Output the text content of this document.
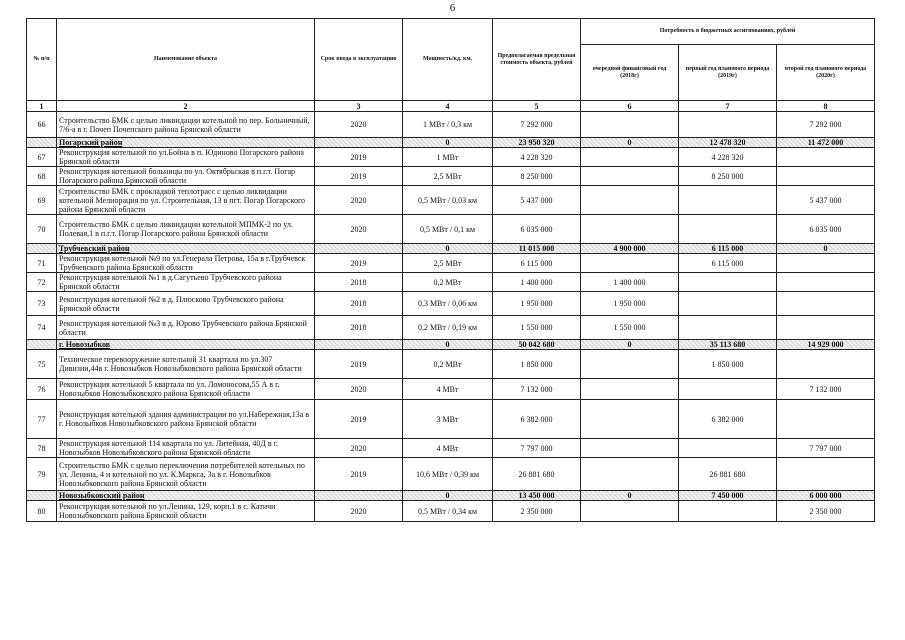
6
№ п/п	Наименование объекта	Срок ввода в эксплуатацию	Мощность/кд. км.	Предполагаемая предельная стоимость объекта, рублей	Потребность в бюджетных ассигнованиях, рублей		
					очередной финансовый год (2018г)	первый год планового периода (2019г)	второй год планового периода (2020г)
1	2	3	4	5	6	7	8
66	Строительство БМК с целью ликвидации котельной по пер. Больничный, 7/6-а в г. Почеп Почепского района Брянской области	2020	1 МВт / 0,3 км	7 292 000			7 292 000
	Погарский район		0	23 950 320	0	12 478 320	11 472 000
67	Реконструкция котельной по ул.Бойна в п. Юдиново Погарского района Брянской области	2019	1 МВт	4 228 320		4 228 320	
68	Реконструкция котельной больницы по ул. Октябрьская в п.г.т. Погар Погарского района Брянской области	2019	2,5 МВт	8 250 000		8 250 000	
69	Строительство БМК с прокладкой теплотрасс с целью ликвидации котельной Мелиорация по ул. Строительная, 13 в пгт. Погар Погарского района Брянской области	2020	0,5 МВт / 0,03 км	5 437 000			5 437 000
70	Строительство БМК с целью ликвидации котельной МПМК-2 по ул. Полевая,1 в п.г.т. Погар Погарского района Брянской области	2020	0,5 МВт / 0,1 км	6 035 000			6 035 000
	Трубчевский район		0	11 015 000	4 900 000	6 115 000	0
71	Реконструкция котельной №9 по ул.Генерала Петрова, 15а в г.Трубчевск Трубчевского района Брянской области	2019	2,5 МВт	6 115 000		6 115 000	
72	Реконструкция котельной №1 в д.Сагутьево Трубчевского района Брянской области	2018	0,2 МВт	1 400 000	1 400 000		
73	Реконструкция котельной №2 в д. Плюсково Трубчевского района Брянской области	2018	0,3 МВт / 0,06 км	1 950 000	1 950 000		
74	Реконструкция котельной №3 в д. Юрово Трубчевского района Брянской области	2018	0,2 МВт / 0,19 км	1 550 000	1 550 000		
	г. Новозыбков		0	50 042 680	0	35 113 680	14 929 000
75	Техническое перевооружение котельной 31 квартала по ул.307 Дивизии,44в г. Новозыбков Новозыбковского района Брянской области	2019	0,2 МВт	1 850 000		1 850 000	
76	Реконструкция котельной 5 квартала по ул. Ломоносова,55 А в г. Новозыбков Новозыбковского района Брянской области	2020	4 МВт	7 132 000			7 132 000
77	Реконструкция котельной здания администрации по ул.Набережная,13а в г. Новозыбков Новозыбковского района Брянской области	2019	3 МВт	6 382 000		6 382 000	
78	Реконструкция котельной 114 квартала по ул. Литейная, 40Д в г. Новозыбков Новозыбковского района Брянской области	2020	4 МВт	7 797 000			7 797 000
79	Строительство БМК с целью переключения потребителей котельных по ул. Ленина, 4 и котельной по ул. К.Маркса, 3а в г. Новозыбков Новозыбковского района Брянской области	2019	10,6 МВт / 0,39 км	26 881 680		26 881 680	
	Новозыбковский район		0	13 450 000	0	7 450 000	6 000 000
80	Реконструкция котельной по ул.Ленина, 129, корп.1 в с. Катичи Новозыбковского района Брянской области	2020	0,5 МВт / 0,34 км	2 350 000			2 350 000
